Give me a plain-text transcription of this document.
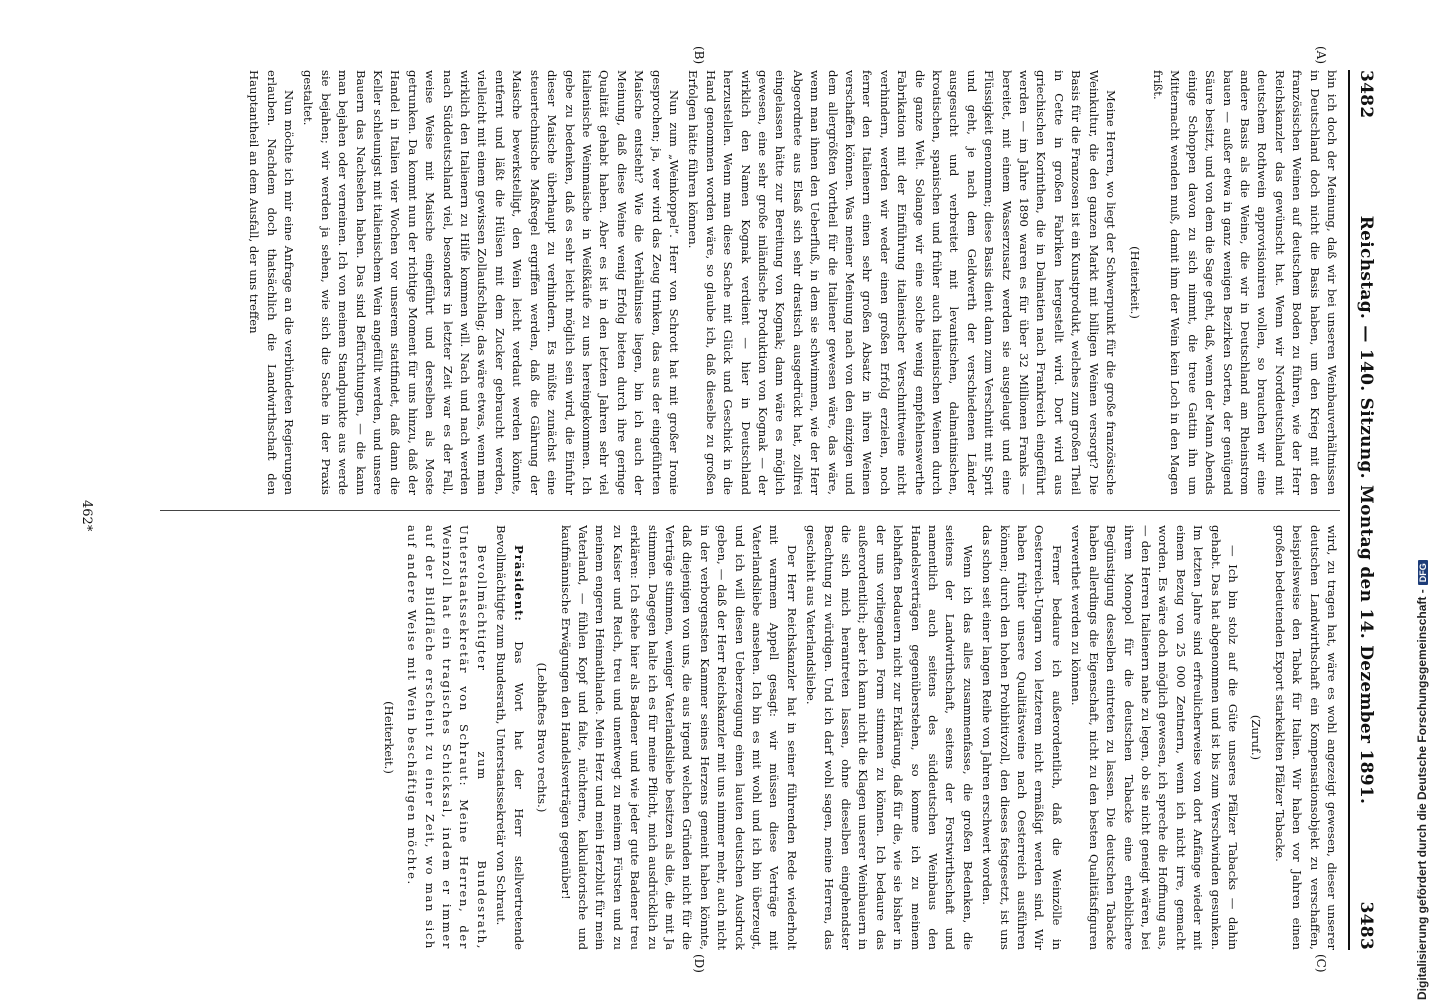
3482
Reichstag. — 140. Sitzung. Montag den 14. Dezember 1891.
3483
(A)
(B)
(C)
(D)

bin ich doch der Meinung, daß wir bei unseren Weinbauverhältnissen in Deutschland doch nicht die Basis haben, um den Krieg mit den französischen Weinen auf deutschem Boden zu führen, wie der Herr Reichskanzler das gewünscht hat. Wenn wir Norddeutschland mit deutschem Rothwein approvisioniren wollen, so brauchen wir eine andere Basis als die Weine, die wir in Deutschland am Rheinstrom bauen — außer etwa in ganz wenigen Bezirken Sorten, der genügend Säure besitzt, und von dem die Sage geht, daß, wenn der Mann Abends einige Schoppen davon zu sich nimmt, die treue Gattin ihn um Mitternacht wenden muß, damit ihm der Wein kein Loch in den Magen frißt.

(Heiterkeit.)

Meine Herren, wo liegt der Schwerpunkt für die große französische Weinkultur, die den ganzen Markt mit billigen Weinen versorgt? Die Basis für die Franzosen ist ein Kunstprodukt, welches zum großen Theil in Cette in großen Fabriken hergestellt wird. Dort wird aus griechischen Korinthen, die in Dalmatien nach Frankreich eingeführt werden — im Jahre 1890 waren es für über 32 Millionen Franks — bereitet, mit einem Wasserzusatz werden sie ausgelaugt und eine Flüssigkeit genommen; diese Basis dient dann zum Verschnitt mit Sprit und geht, je nach dem Geldwerth der verschiedenen Länder ausgesucht und verbreitet mit levantischen, dalmatinischen, kroatischen, spanischen und früher auch italienischen Weinen durch die ganze Welt. Solange wir eine solche wenig empfehlenswerthe Fabrikation mit der Einführung italienischer Verschnittweine nicht verhindern, werden wir weder einen großen Erfolg erzielen, noch ferner den Italienern einen sehr großen Absatz in ihren Weinen verschaffen können. Was meiner Meinung nach von den einzigen und dem allergrößten Vortheil für die Italiener gewesen wäre, das wäre, wenn man ihnen den Ueberfluß, in dem sie schwimmen, wie der Herr Abgeordnete aus Elsaß sich sehr drastisch ausgedrückt hat, zollfrei eingelassen hätte zur Bereitung von Kognak; dann wäre es möglich gewesen, eine sehr große inländische Produktion von Kognak — der wirklich den Namen Kognak verdient — hier in Deutschland herzustellen. Wenn man diese Sache mit Glück und Geschick in die Hand genommen worden wäre, so glaube ich, daß dieselbe zu großen Erfolgen hätte führen können.

Nun zum „Weinkoppel“. Herr von Schrott hat mit großer Ironie gesprochen; ja, wer wird das Zeug trinken, das aus der eingeführten Maische entsteht? Wie die Verhältnisse liegen, bin ich auch der Meinung, daß diese Weine wenig Erfolg bieten durch ihre geringe Qualität gehabt haben. Aber es ist in den letzten Jahren sehr viel italienische Weinmaische in Weißkäufe zu uns hereingekommen. Ich gebe zu bedenken, daß es sehr leicht möglich sein wird, die Einfuhr dieser Maische überhaupt zu verhindern. Es müßte zunächst eine steuertechnische Maßregel ergriffen werden, daß die Gährung der Maische bewerkstelligt, den Wein leicht verdaut werden könnte, entfernt und läßt die Hülsen mit dem Zucker gebraucht werden, vielleicht mit einem gewissen Zollaufschlag; das wäre etwas, wenn man wirklich den Italienern zu Hilfe kommen will. Nach und nach werden nach Süddeutschland viel, besonders in letzter Zeit war es der Fall, weise Weise mit Maische eingeführt und derselben als Moste getrunken. Da kommt nun der richtige Moment für uns hinzu, daß der Handel in Italien vier Wochen vor unserem stattfindet, daß dann die Keller schleunigst mit italienischem Wein angefüllt werden, und unsere Bauern das Nachsehen haben. Das sind Befürchtungen, — die kann man bejahen oder verneinen. Ich von meinem Standpunkte aus werde sie bejahen; wir werden ja sehen, wie sich die Sache in der Praxis gestaltet.

Nun möchte ich mir eine Anfrage an die verbündeten Regierungen erlauben. Nachdem doch thatsächlich die Landwirthschaft den Hauptantheil an dem Ausfall, der uns treffen

wird, zu tragen hat, wäre es wohl angezeigt gewesen, dieser unserer deutschen Landwirthschaft ein Kompensationsobjekt zu verschaffen, beispielsweise den Tabak für Italien. Wir haben vor Jahren einen großen bedeutenden Export starkeklten Pfälzer Tabacke.

(Zuruf.)

— Ich bin stolz auf die Güte unseres Pfälzer Tabacks — dahin gehabt. Das hat abgenommen und ist bis zum Verschwinden gesunken. Im letzten Jahre sind erfreulicherweise von dort Anfänge wieder mit einem Bezug von 25 000 Zentnern, wenn ich nicht irre, gemacht worden. Es wäre doch möglich gewesen, ich spreche die Hoffnung aus, — den Herren Italienern nahe zu legen, ob sie nicht geneigt wären, bei ihrem Monopol für die deutschen Tabacke eine erheblichere Begünstigung desselben eintreten zu lassen. Die deutschen Tabacke haben allerdings die Eigenschaft, nicht zu den besten Qualitätsfiguren verwerthet werden zu können.

Ferner bedaure ich außerordentlich, daß die Weinzölle in Oesterreich-Ungarn von letzterem nicht ermäßigt werden sind. Wir haben früher unsere Qualitätsweine nach Oesterreich ausführen können; durch den hohen Prohibitivzoll, den dieses festgesetzt, ist uns das schon seit einer langen Reihe von Jahren erschwert worden.

Wenn ich das alles zusammenfasse, die großen Bedenken, die seitens der Landwirthschaft, seitens der Forstwirthschaft und namentlich auch seitens des süddeutschen Weinbaus den Handelsverträgen gegenüberstehen, so komme ich zu meinem lebhaften Bedauern nicht zur Erklärung, daß für die, wie sie bisher in der uns vorliegenden Form stimmen zu können. Ich bedaure das außerordentlich; aber ich kann nicht die Klagen unserer Weinbauern in die sich mich herantreten lassen, ohne dieselben eingehendster Beachtung zu würdigen. Und ich darf wohl sagen, meine Herren, das geschieht aus Vaterlandsliebe.

Der Herr Reichskanzler hat in seiner führenden Rede wiederholt mit warmem Appell gesagt: wir müssen diese Verträge mit Vaterlandsliebe ansehen. Ich bin es mit wohl und ich bin überzeugt, und ich will diesen Ueberzeugung einen lauten deutschen Ausdruck geben, — daß der Herr Reichskanzler mit uns nimmer mehr, auch nicht in der verborgensten Kammer seines Herzens gemeint haben könnte, daß diejenigen von uns, die aus irgend welchen Gründen nicht für die Verträge stimmen, weniger Vaterlandsliebe besitzen als die, die mit Ja stimmen. Dagegen halte ich es für meine Pflicht, mich ausdrücklich zu erklären: Ich stehe hier als Badener und wie jeder gute Badener treu zu Kaiser und Reich, treu und unentwegt zu meinem Fürsten und zu meinem engeren Heimathlande. Mein Herz und mein Herzblut für mein Vaterland, — fühlen Kopf und falte, nüchterne, kalkulatorische und kaufmännische Erwägungen den Handelsverträgen gegenüber!

(Lebhaftes Bravo rechts.)

Präsident: Das Wort hat der Herr stellvertretende Bevollmächtigte zum Bundesrath, Unterstaatssekretär von Schraut.

Bevollmächtigter zum Bundesrath, Unterstaatssekretär von Schraut: Meine Herren, der Weinzoll hat ein tragisches Schicksal, indem er immer auf der Bildfläche erscheint zu einer Zeit, wo man sich auf andere Weise mit Wein beschäftigen möchte.

(Heiterkeit.)

462*
Digitalisierung gefördert durch die Deutsche Forschungsgemeinschaft -DFG
